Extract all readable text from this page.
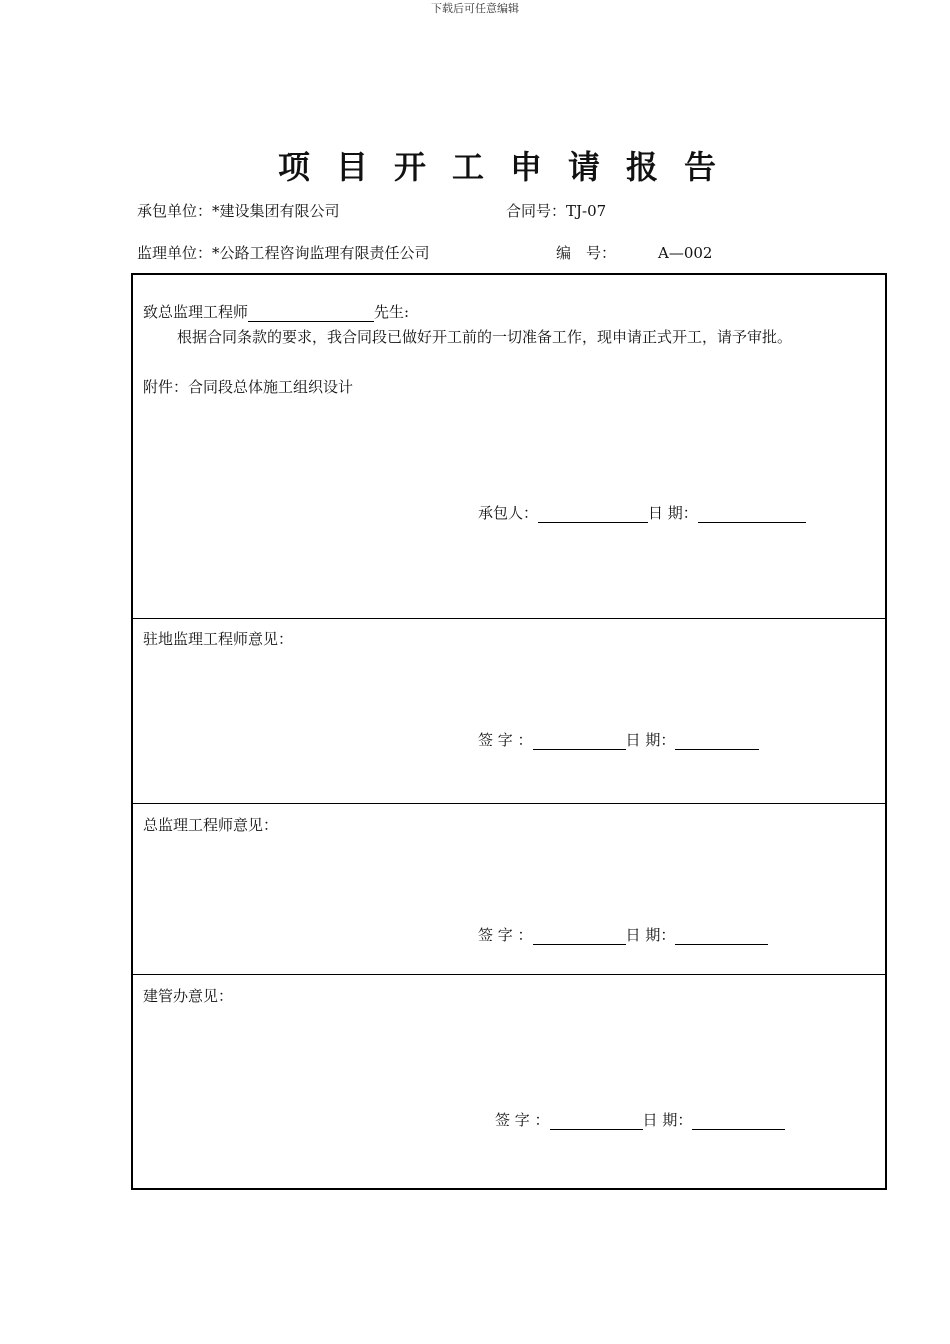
下载后可任意编辑
项目开工申请报告
承包单位：*建设集团有限公司	合同号：TJ-07
监理单位：*公路工程咨询监理有限责任公司	编　号：	A—002
致总监理工程师	先生:
根据合同条款的要求，我合同段已做好开工前的一切准备工作，现申请正式开工，请予审批。
附件：合同段总体施工组织设计
承包人：	日 期：
驻地监理工程师意见：
签 字 ：	日 期：
总监理工程师意见：
签 字 ：	日 期：
建管办意见：
签 字 ：	日 期：
